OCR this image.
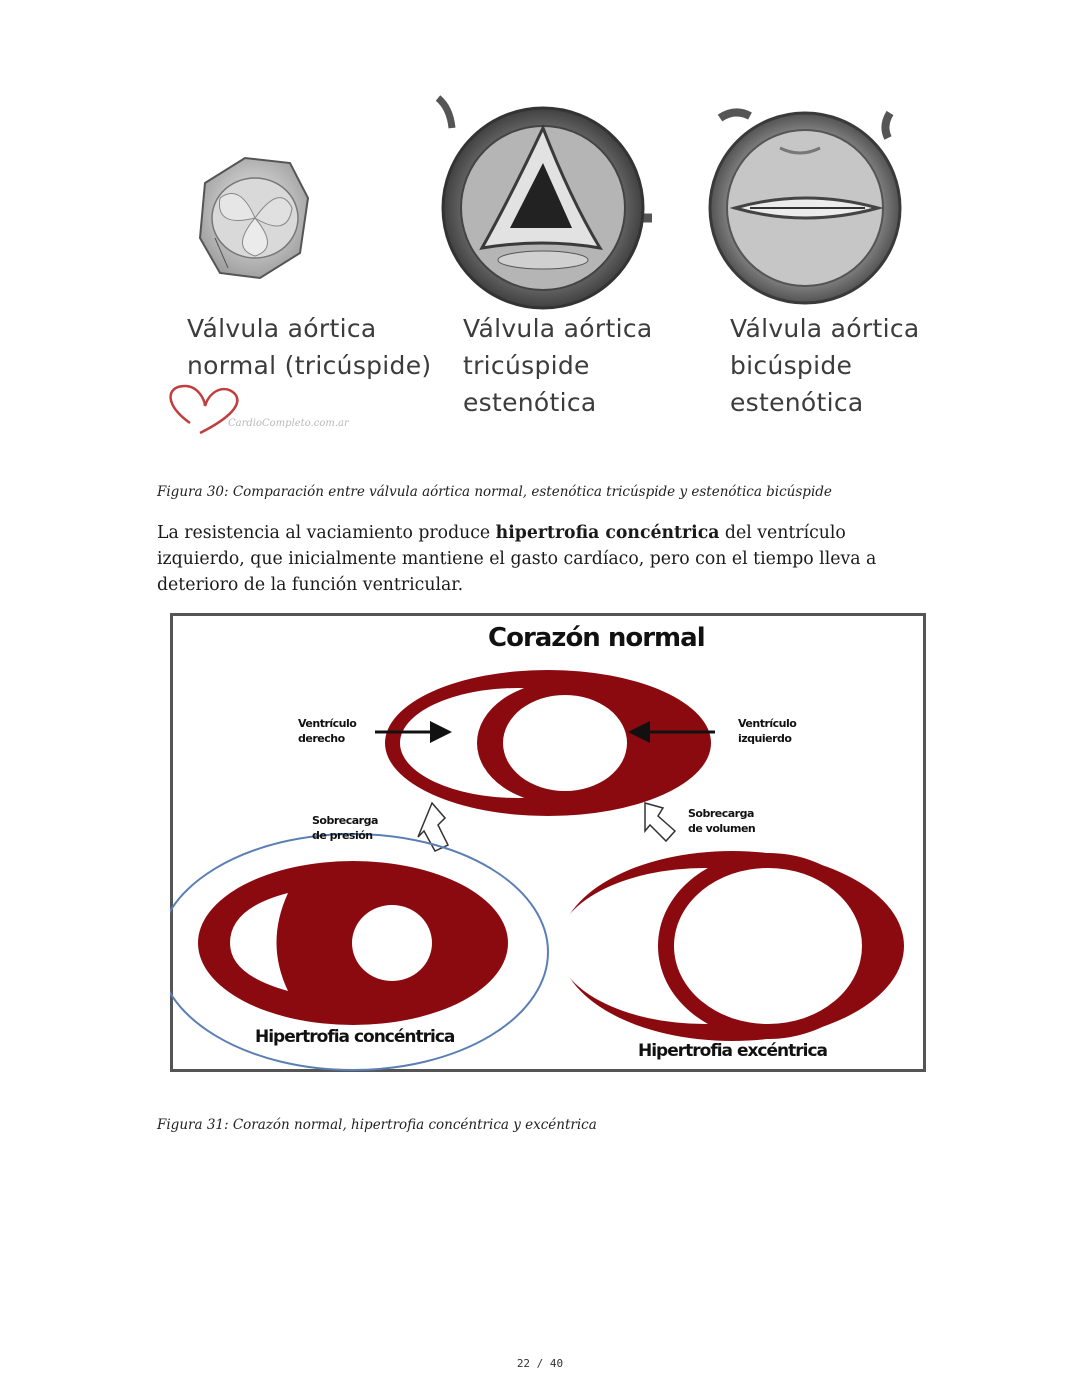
Válvula aórtica
normal (tricúspide)
Válvula aórtica
tricúspide
estenótica
Válvula aórtica
bicúspide
estenótica
CardioCompleto.com.ar
Figura 30: Comparación entre válvula aórtica normal, estenótica tricúspide y estenótica bicúspide
La resistencia al vaciamiento produce hipertrofia concéntrica del ventrículo izquierdo, que inicialmente mantiene el gasto cardíaco, pero con el tiempo lleva a deterioro de la función ventricular.
Corazón normal
Ventrículo
derecho
Ventrículo
izquierdo
Sobrecarga
de presión
Sobrecarga
de volumen
Hipertrofia concéntrica
Hipertrofia excéntrica
Figura 31: Corazón normal, hipertrofia concéntrica y excéntrica
22 / 40
